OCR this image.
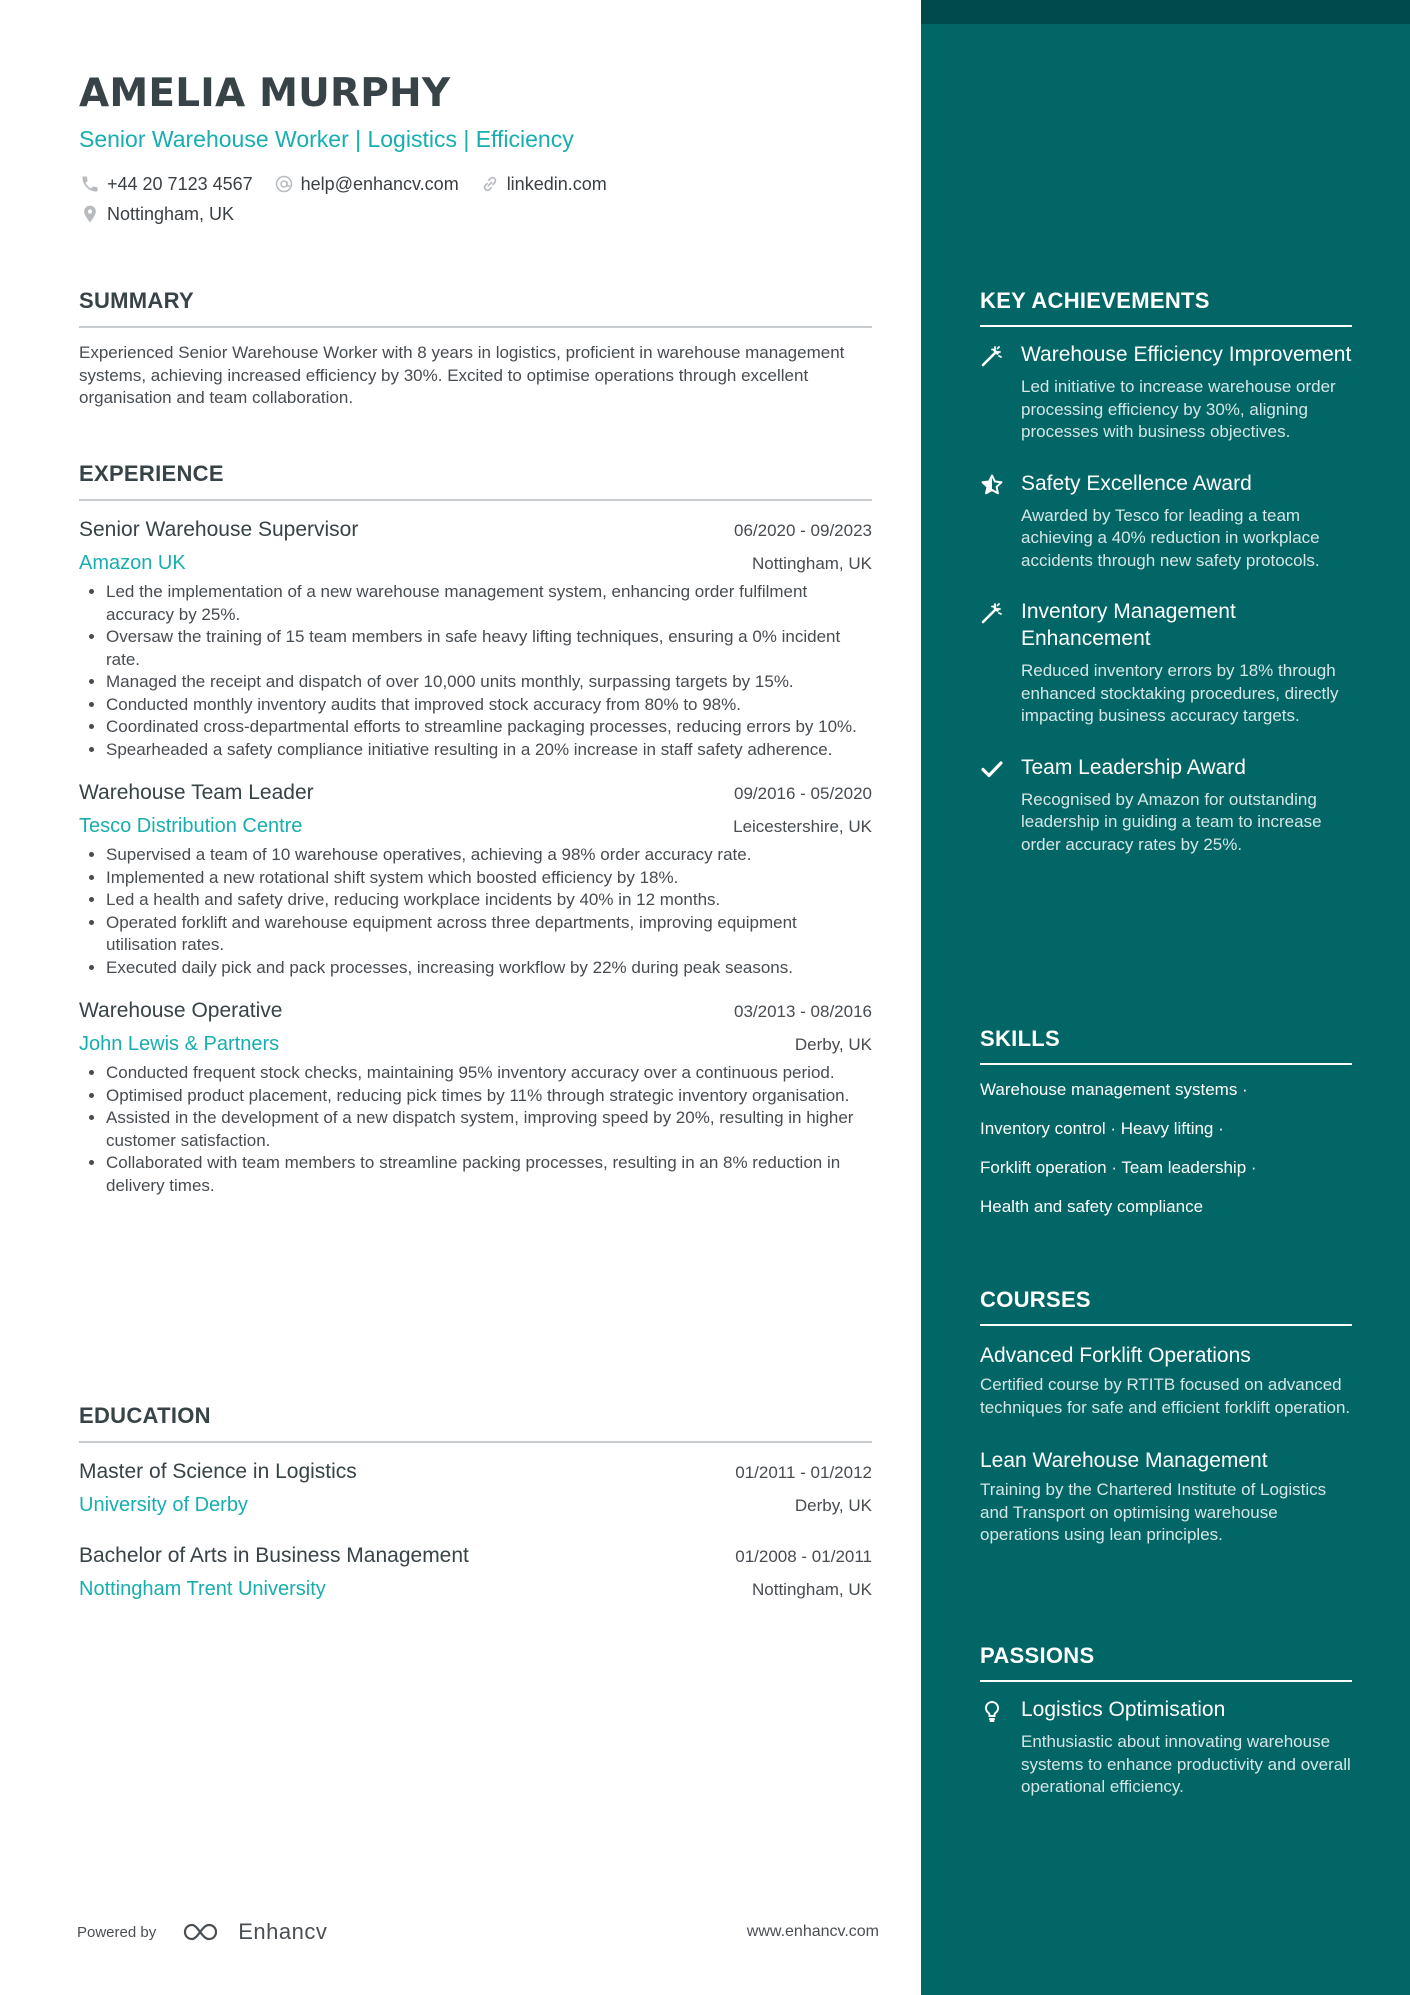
AMELIA MURPHY
Senior Warehouse Worker | Logistics | Efficiency
+44 20 7123 4567	help@enhancv.com	linkedin.com
Nottingham, UK
SUMMARY
Experienced Senior Warehouse Worker with 8 years in logistics, proficient in warehouse management systems, achieving increased efficiency by 30%. Excited to optimise operations through excellent organisation and team collaboration.
EXPERIENCE
Senior Warehouse Supervisor	06/2020 - 09/2023
Amazon UK	Nottingham, UK
• Led the implementation of a new warehouse management system, enhancing order fulfilment accuracy by 25%.
• Oversaw the training of 15 team members in safe heavy lifting techniques, ensuring a 0% incident rate.
• Managed the receipt and dispatch of over 10,000 units monthly, surpassing targets by 15%.
• Conducted monthly inventory audits that improved stock accuracy from 80% to 98%.
• Coordinated cross-departmental efforts to streamline packaging processes, reducing errors by 10%.
• Spearheaded a safety compliance initiative resulting in a 20% increase in staff safety adherence.
Warehouse Team Leader	09/2016 - 05/2020
Tesco Distribution Centre	Leicestershire, UK
• Supervised a team of 10 warehouse operatives, achieving a 98% order accuracy rate.
• Implemented a new rotational shift system which boosted efficiency by 18%.
• Led a health and safety drive, reducing workplace incidents by 40% in 12 months.
• Operated forklift and warehouse equipment across three departments, improving equipment utilisation rates.
• Executed daily pick and pack processes, increasing workflow by 22% during peak seasons.
Warehouse Operative	03/2013 - 08/2016
John Lewis & Partners	Derby, UK
• Conducted frequent stock checks, maintaining 95% inventory accuracy over a continuous period.
• Optimised product placement, reducing pick times by 11% through strategic inventory organisation.
• Assisted in the development of a new dispatch system, improving speed by 20%, resulting in higher customer satisfaction.
• Collaborated with team members to streamline packing processes, resulting in an 8% reduction in delivery times.
EDUCATION
Master of Science in Logistics	01/2011 - 01/2012
University of Derby	Derby, UK
Bachelor of Arts in Business Management	01/2008 - 01/2011
Nottingham Trent University	Nottingham, UK
Powered by	Enhancv	www.enhancv.com
KEY ACHIEVEMENTS
Warehouse Efficiency Improvement
Led initiative to increase warehouse order processing efficiency by 30%, aligning processes with business objectives.
Safety Excellence Award
Awarded by Tesco for leading a team achieving a 40% reduction in workplace accidents through new safety protocols.
Inventory Management Enhancement
Reduced inventory errors by 18% through enhanced stocktaking procedures, directly impacting business accuracy targets.
Team Leadership Award
Recognised by Amazon for outstanding leadership in guiding a team to increase order accuracy rates by 25%.
SKILLS
Warehouse management systems ·
Inventory control · Heavy lifting ·
Forklift operation · Team leadership ·
Health and safety compliance
COURSES
Advanced Forklift Operations
Certified course by RTITB focused on advanced techniques for safe and efficient forklift operation.
Lean Warehouse Management
Training by the Chartered Institute of Logistics and Transport on optimising warehouse operations using lean principles.
PASSIONS
Logistics Optimisation
Enthusiastic about innovating warehouse systems to enhance productivity and overall operational efficiency.
